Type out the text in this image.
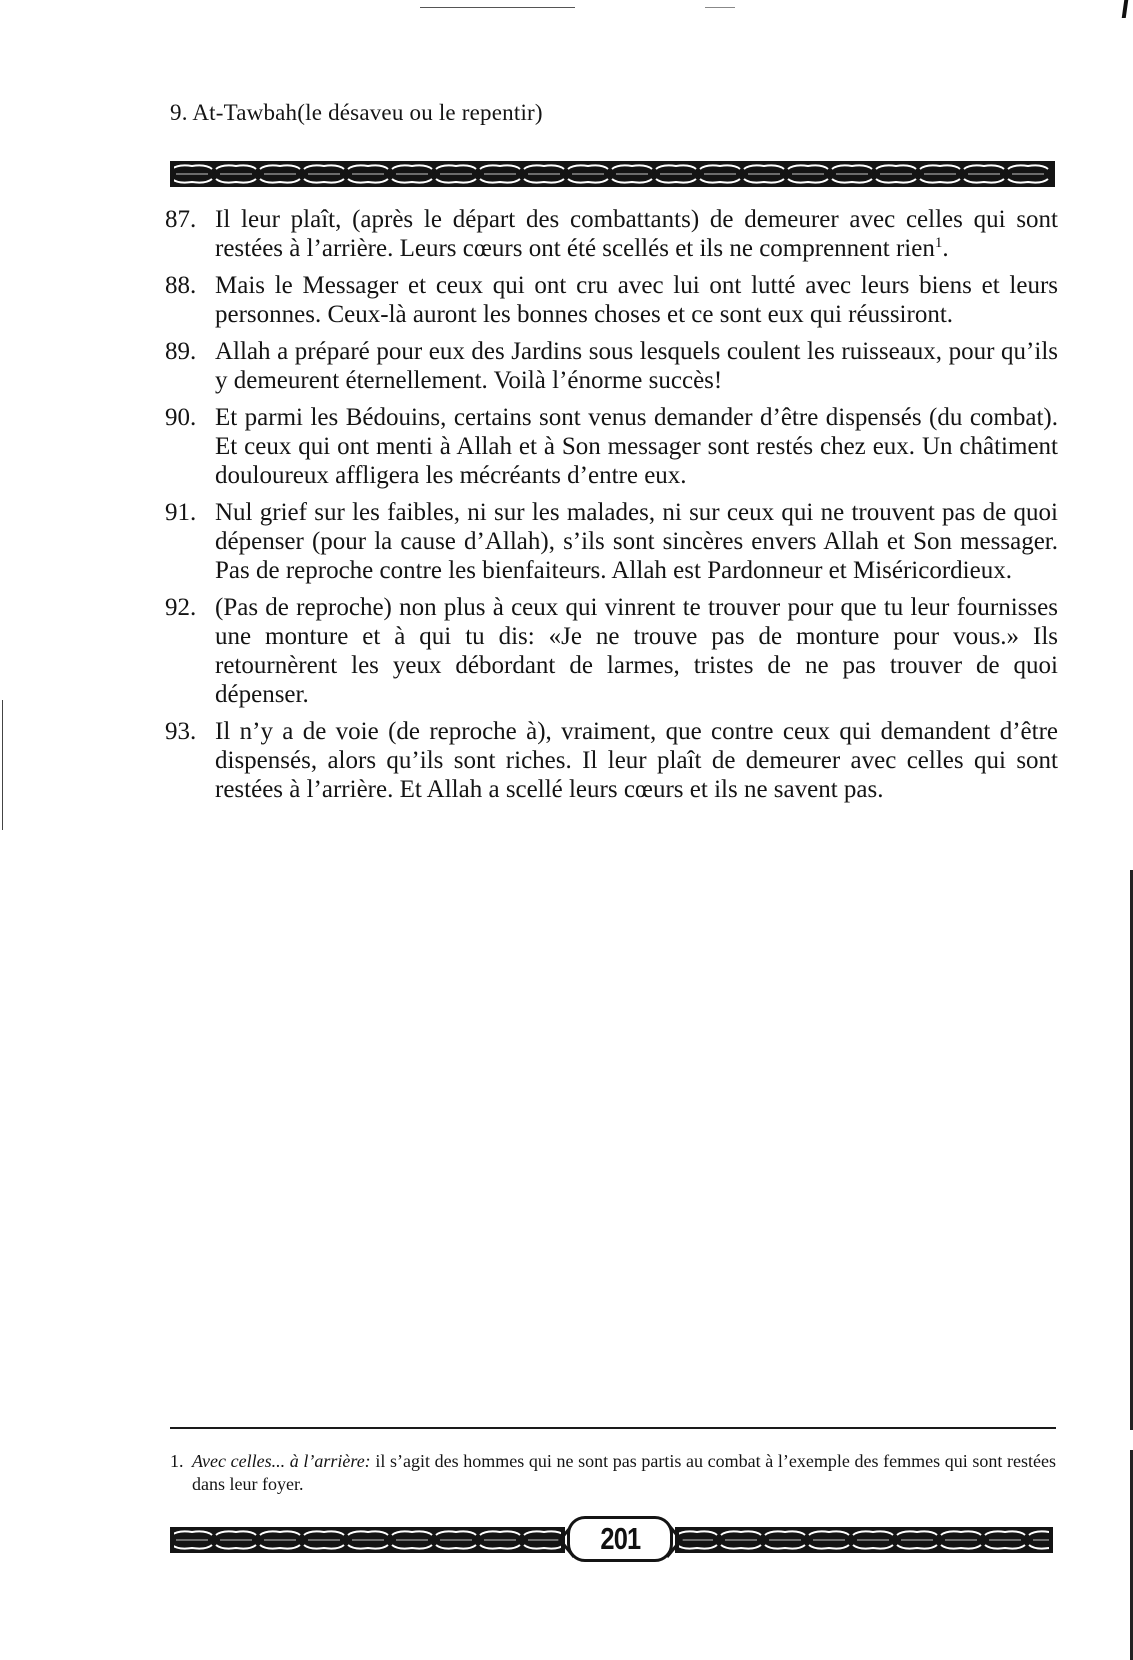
9. At-Tawbah(le désaveu ou le repentir)
87. Il leur plaît, (après le départ des combattants) de demeurer avec celles qui sont restées à l’arrière. Leurs cœurs ont été scellés et ils ne comprennent rien$^1$.
88. Mais le Messager et ceux qui ont cru avec lui ont lutté avec leurs biens et leurs personnes. Ceux-là auront les bonnes choses et ce sont eux qui réussiront.
89. Allah a préparé pour eux des Jardins sous lesquels coulent les ruisseaux, pour qu’ils y demeurent éternellement. Voilà l’énorme succès!
90. Et parmi les Bédouins, certains sont venus demander d’être dispensés (du combat). Et ceux qui ont menti à Allah et à Son messager sont restés chez eux. Un châtiment douloureux affligera les mécréants d’entre eux.
91. Nul grief sur les faibles, ni sur les malades, ni sur ceux qui ne trouvent pas de quoi dépenser (pour la cause d’Allah), s’ils sont sincères envers Allah et Son messager. Pas de reproche contre les bienfaiteurs. Allah est Pardonneur et Miséricordieux.
92. (Pas de reproche) non plus à ceux qui vinrent te trouver pour que tu leur fournisses une monture et à qui tu dis: «Je ne trouve pas de monture pour vous.» Ils retournèrent les yeux débordant de larmes, tristes de ne pas trouver de quoi dépenser.
93. Il n’y a de voie (de reproche à), vraiment, que contre ceux qui demandent d’être dispensés, alors qu’ils sont riches. Il leur plaît de demeurer avec celles qui sont restées à l’arrière. Et Allah a scellé leurs cœurs et ils ne savent pas.
1. Avec celles... à l’arrière: il s’agit des hommes qui ne sont pas partis au combat à l’exemple des femmes qui sont restées dans leur foyer.
201
